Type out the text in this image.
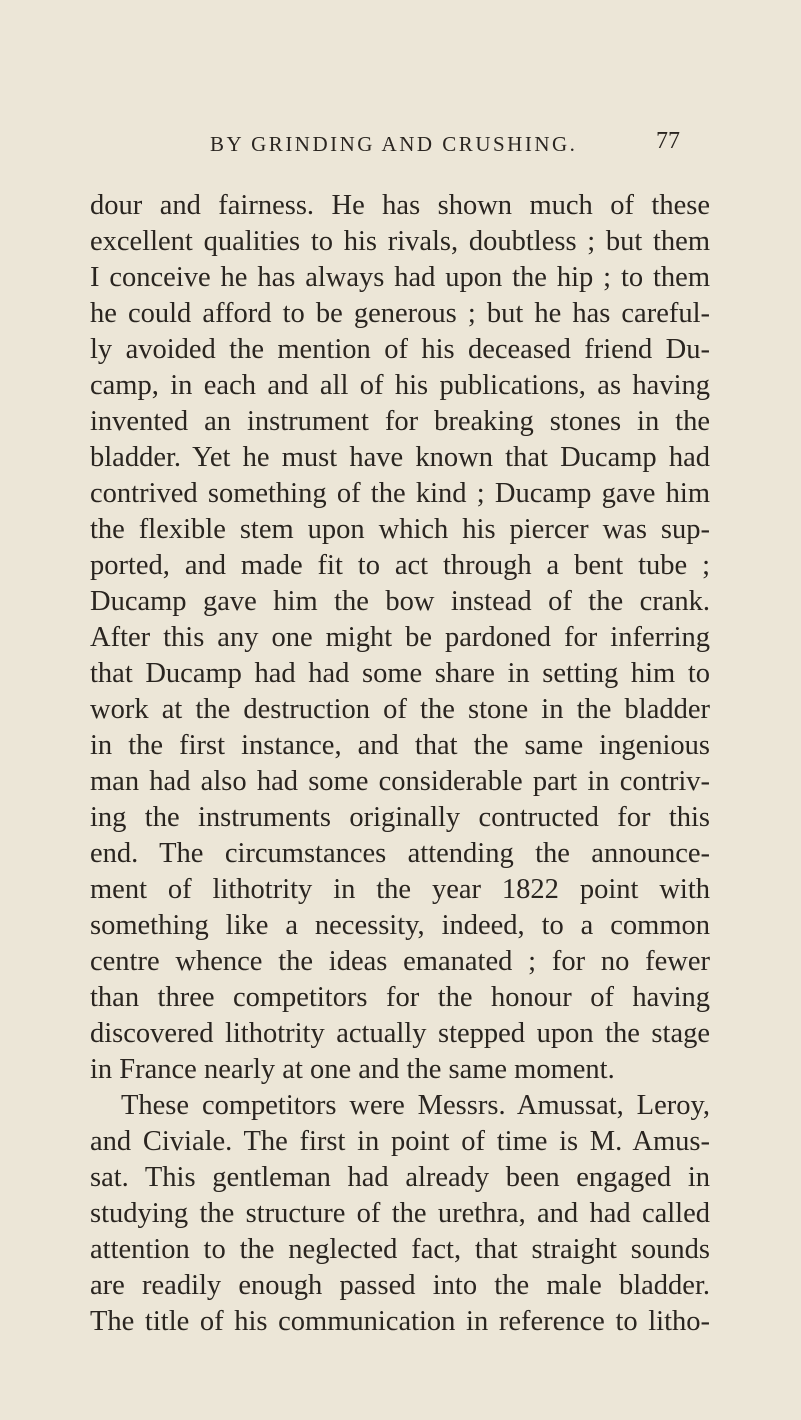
BY GRINDING AND CRUSHING.	77
dour and fairness. He has shown much of these
excellent qualities to his rivals, doubtless ; but them
I conceive he has always had upon the hip ; to them
he could afford to be generous ; but he has careful-
ly avoided the mention of his deceased friend Du-
camp, in each and all of his publications, as having
invented an instrument for breaking stones in the
bladder. Yet he must have known that Ducamp had
contrived something of the kind ; Ducamp gave him
the flexible stem upon which his piercer was sup-
ported, and made fit to act through a bent tube ;
Ducamp gave him the bow instead of the crank.
After this any one might be pardoned for inferring
that Ducamp had had some share in setting him to
work at the destruction of the stone in the bladder
in the first instance, and that the same ingenious
man had also had some considerable part in contriv-
ing the instruments originally contructed for this
end. The circumstances attending the announce-
ment of lithotrity in the year 1822 point with
something like a necessity, indeed, to a common
centre whence the ideas emanated ; for no fewer
than three competitors for the honour of having
discovered lithotrity actually stepped upon the stage
in France nearly at one and the same moment.
These competitors were Messrs. Amussat, Leroy,
and Civiale. The first in point of time is M. Amus-
sat. This gentleman had already been engaged in
studying the structure of the urethra, and had called
attention to the neglected fact, that straight sounds
are readily enough passed into the male bladder.
The title of his communication in reference to litho-
